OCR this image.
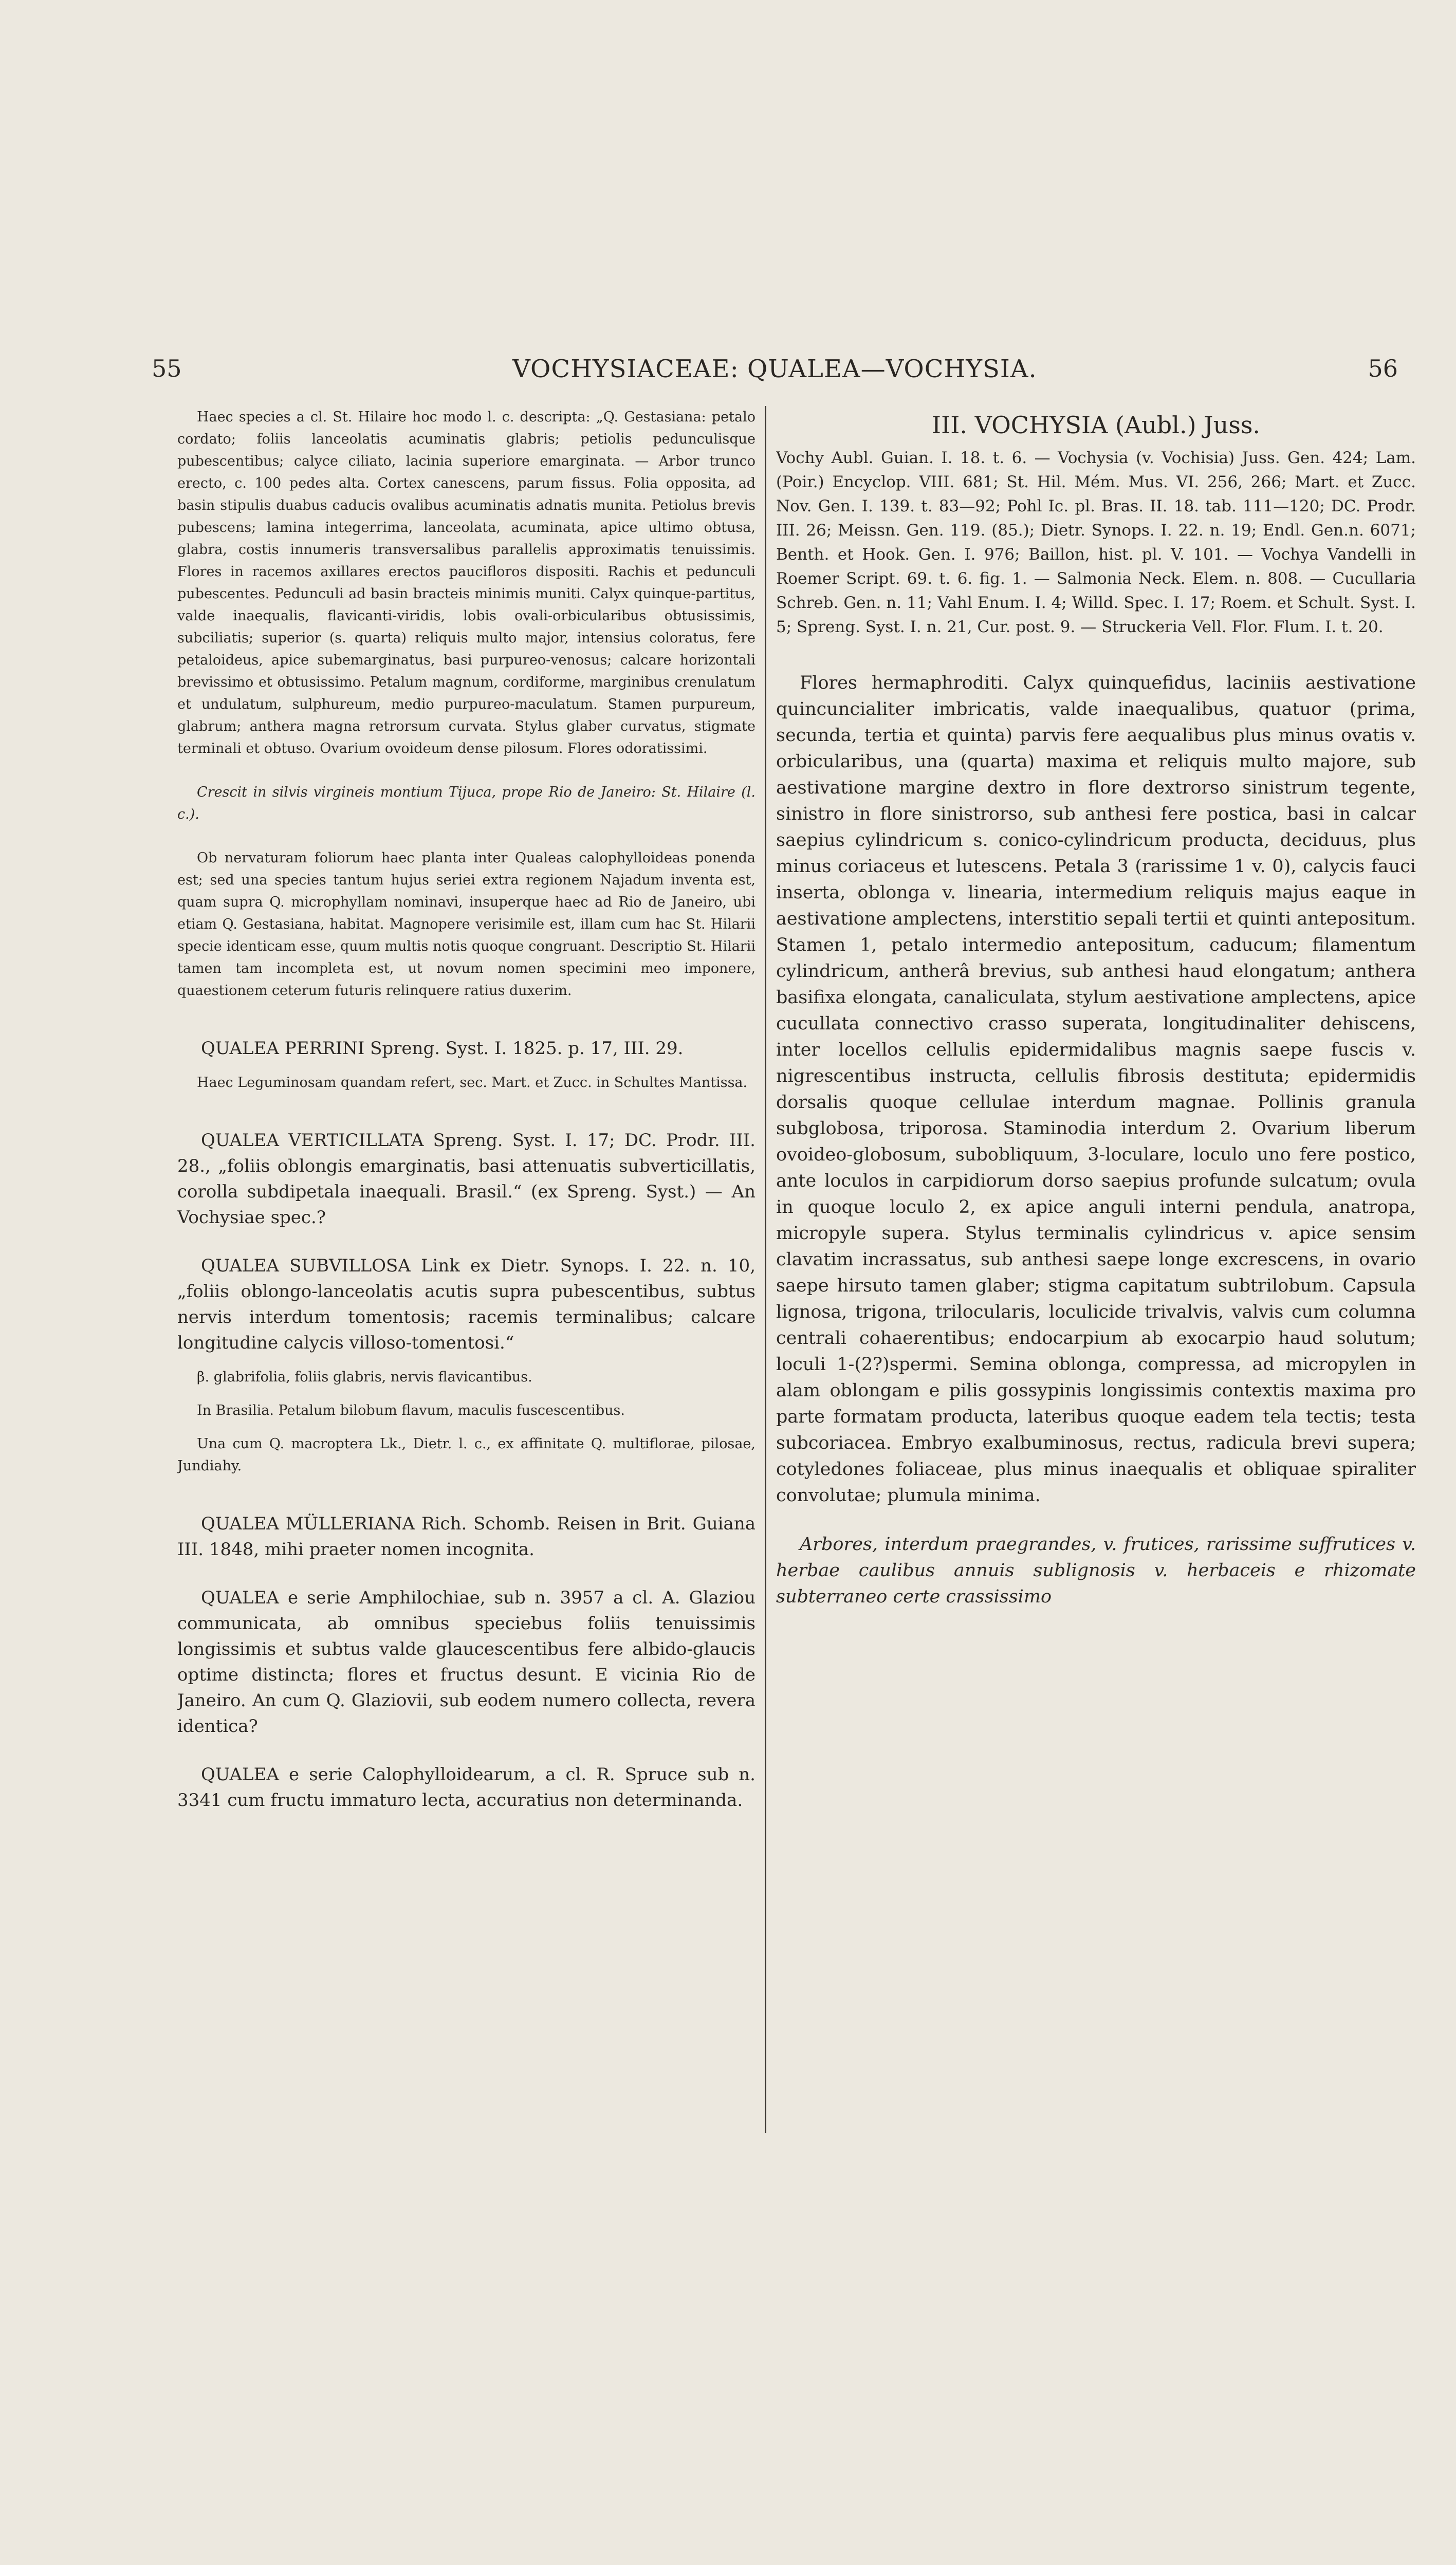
55	VOCHYSIACEAE: QUALEA—VOCHYSIA.	56

Haec species a cl. St. Hilaire hoc modo l. c. descripta: „Q. Gestasiana: petalo cordato; foliis lanceolatis acuminatis glabris; petiolis pedunculisque pubescentibus; calyce ciliato, lacinia superiore emarginata. — Arbor trunco erecto, c. 100 pedes alta. Cortex canescens, parum fissus. Folia opposita, ad basin stipulis duabus caducis ovalibus acuminatis adnatis munita. Petiolus brevis pubescens; lamina integerrima, lanceolata, acuminata, apice ultimo obtusa, glabra, costis innumeris transversalibus parallelis approximatis tenuissimis. Flores in racemos axillares erectos paucifloros dispositi. Rachis et pedunculi pubescentes. Pedunculi ad basin bracteis minimis muniti. Calyx quinque-partitus, valde inaequalis, flavicanti-viridis, lobis ovali-orbicularibus obtusissimis, subciliatis; superior (s. quarta) reliquis multo major, intensius coloratus, fere petaloideus, apice subemarginatus, basi purpureo-venosus; calcare horizontali brevissimo et obtusissimo. Petalum magnum, cordiforme, marginibus crenulatum et undulatum, sulphureum, medio purpureo-maculatum. Stamen purpureum, glabrum; anthera magna retrorsum curvata. Stylus glaber curvatus, stigmate terminali et obtuso. Ovarium ovoideum dense pilosum. Flores odoratissimi.

Crescit in silvis virgineis montium Tijuca, prope Rio de Janeiro: St. Hilaire (l. c.).

Ob nervaturam foliorum haec planta inter Qualeas calophylloideas ponenda est; sed una species tantum hujus seriei extra regionem Najadum inventa est, quam supra Q. microphyllam nominavi, insuperque haec ad Rio de Janeiro, ubi etiam Q. Gestasiana, habitat. Magnopere verisimile est, illam cum hac St. Hilarii specie identicam esse, quum multis notis quoque congruant. Descriptio St. Hilarii tamen tam incompleta est, ut novum nomen specimini meo imponere, quaestionem ceterum futuris relinquere ratius duxerim.

QUALEA PERRINI Spreng. Syst. I. 1825. p. 17, III. 29.

Haec Leguminosam quandam refert, sec. Mart. et Zucc. in Schultes Mantissa.

QUALEA VERTICILLATA Spreng. Syst. I. 17; DC. Prodr. III. 28., „foliis oblongis emarginatis, basi attenuatis subverticillatis, corolla subdipetala inaequali. Brasil.“ (ex Spreng. Syst.) — An Vochysiae spec.?

QUALEA SUBVILLOSA Link ex Dietr. Synops. I. 22. n. 10, „foliis oblongo-lanceolatis acutis supra pubescentibus, subtus nervis interdum tomentosis; racemis terminalibus; calcare longitudine calycis villoso-tomentosi.“

β. glabrifolia, foliis glabris, nervis flavicantibus.

In Brasilia. Petalum bilobum flavum, maculis fuscescentibus.

Una cum Q. macroptera Lk., Dietr. l. c., ex affinitate Q. multiflorae, pilosae, Jundiahy.

QUALEA MÜLLERIANA Rich. Schomb. Reisen in Brit. Guiana III. 1848, mihi praeter nomen incognita.

QUALEA e serie Amphilochiae, sub n. 3957 a cl. A. Glaziou communicata, ab omnibus speciebus foliis tenuissimis longissimis et subtus valde glaucescentibus fere albido-glaucis optime distincta; flores et fructus desunt. E vicinia Rio de Janeiro. An cum Q. Glaziovii, sub eodem numero collecta, revera identica?

QUALEA e serie Calophylloidearum, a cl. R. Spruce sub n. 3341 cum fructu immaturo lecta, accuratius non determinanda.

III. VOCHYSIA (Aubl.) Juss.

Vochy Aubl. Guian. I. 18. t. 6. — Vochysia (v. Vochisia) Juss. Gen. 424; Lam. (Poir.) Encyclop. VIII. 681; St. Hil. Mém. Mus. VI. 256, 266; Mart. et Zucc. Nov. Gen. I. 139. t. 83—92; Pohl Ic. pl. Bras. II. 18. tab. 111—120; DC. Prodr. III. 26; Meissn. Gen. 119. (85.); Dietr. Synops. I. 22. n. 19; Endl. Gen.n. 6071; Benth. et Hook. Gen. I. 976; Baillon, hist. pl. V. 101. — Vochya Vandelli in Roemer Script. 69. t. 6. fig. 1. — Salmonia Neck. Elem. n. 808. — Cucullaria Schreb. Gen. n. 11; Vahl Enum. I. 4; Willd. Spec. I. 17; Roem. et Schult. Syst. I. 5; Spreng. Syst. I. n. 21, Cur. post. 9. — Struckeria Vell. Flor. Flum. I. t. 20.

Flores hermaphroditi. Calyx quinquefidus, laciniis aestivatione quincuncialiter imbricatis, valde inaequalibus, quatuor (prima, secunda, tertia et quinta) parvis fere aequalibus plus minus ovatis v. orbicularibus, una (quarta) maxima et reliquis multo majore, sub aestivatione margine dextro in flore dextrorso sinistrum tegente, sinistro in flore sinistrorso, sub anthesi fere postica, basi in calcar saepius cylindricum s. conico-cylindricum producta, deciduus, plus minus coriaceus et lutescens. Petala 3 (rarissime 1 v. 0), calycis fauci inserta, oblonga v. linearia, intermedium reliquis majus eaque in aestivatione amplectens, interstitio sepali tertii et quinti antepositum. Stamen 1, petalo intermedio antepositum, caducum; filamentum cylindricum, antherâ brevius, sub anthesi haud elongatum; anthera basifixa elongata, canaliculata, stylum aestivatione amplectens, apice cucullata connectivo crasso superata, longitudinaliter dehiscens, inter locellos cellulis epidermidalibus magnis saepe fuscis v. nigrescentibus instructa, cellulis fibrosis destituta; epidermidis dorsalis quoque cellulae interdum magnae. Pollinis granula subglobosa, triporosa. Staminodia interdum 2. Ovarium liberum ovoideo-globosum, subobliquum, 3-loculare, loculo uno fere postico, ante loculos in carpidiorum dorso saepius profunde sulcatum; ovula in quoque loculo 2, ex apice anguli interni pendula, anatropa, micropyle supera. Stylus terminalis cylindricus v. apice sensim clavatim incrassatus, sub anthesi saepe longe excrescens, in ovario saepe hirsuto tamen glaber; stigma capitatum subtrilobum. Capsula lignosa, trigona, trilocularis, loculicide trivalvis, valvis cum columna centrali cohaerentibus; endocarpium ab exocarpio haud solutum; loculi 1-(2?)spermi. Semina oblonga, compressa, ad micropylen in alam oblongam e pilis gossypinis longissimis contextis maxima pro parte formatam producta, lateribus quoque eadem tela tectis; testa subcoriacea. Embryo exalbuminosus, rectus, radicula brevi supera; cotyledones foliaceae, plus minus inaequalis et obliquae spiraliter convolutae; plumula minima.

Arbores, interdum praegrandes, v. frutices, rarissime suffrutices v. herbae caulibus annuis sublignosis v. herbaceis e rhizomate subterraneo certe crassissimo
